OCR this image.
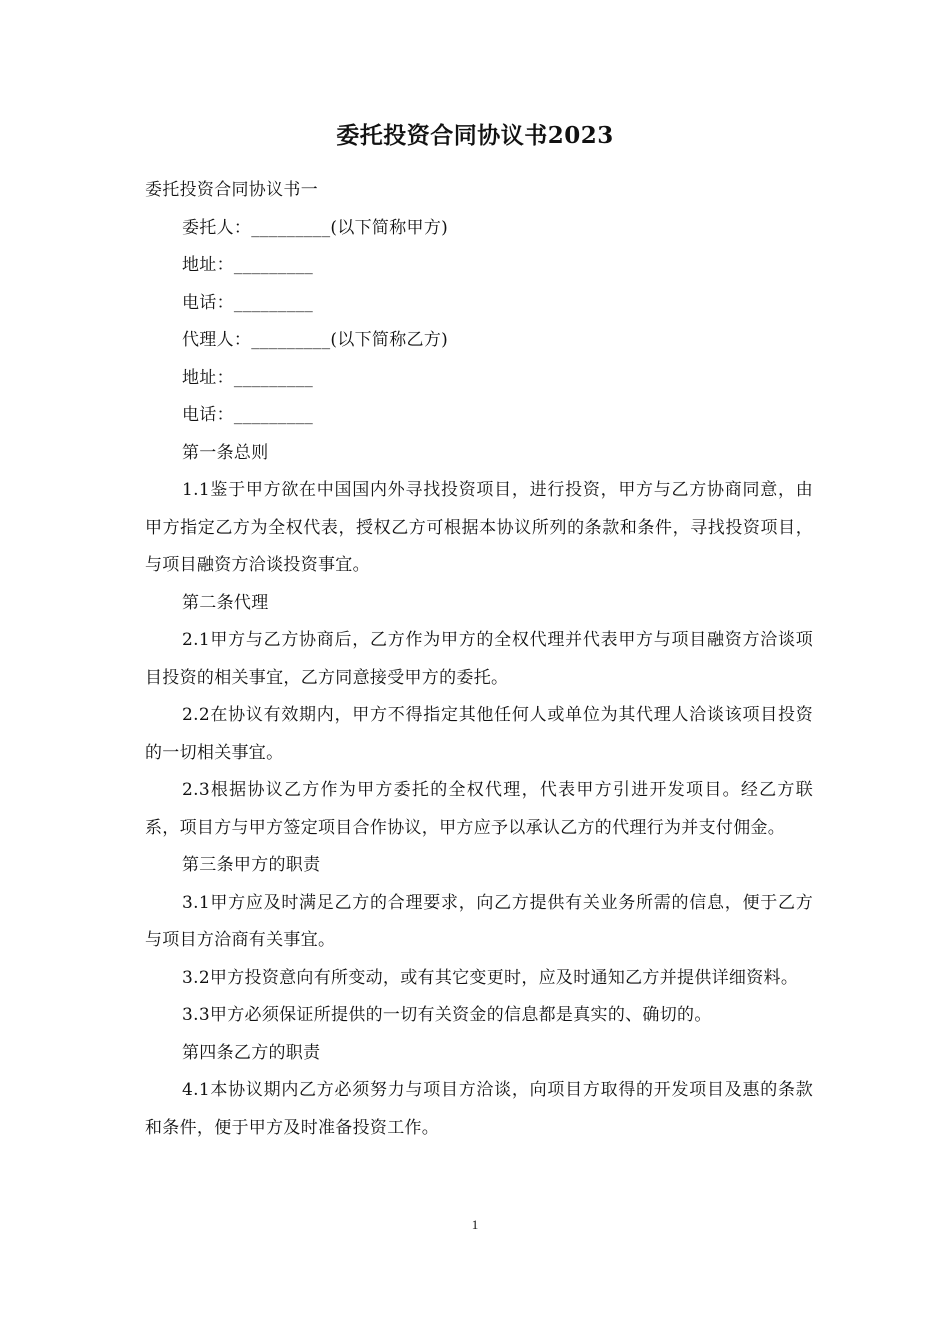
委托投资合同协议书2023

委托投资合同协议书一

委托人：_________(以下简称甲方)

地址：_________

电话：_________

代理人：_________(以下简称乙方)

地址：_________

电话：_________

第一条总则

1.1鉴于甲方欲在中国国内外寻找投资项目，进行投资，甲方与乙方协商同意，由甲方指定乙方为全权代表，授权乙方可根据本协议所列的条款和条件，寻找投资项目，与项目融资方洽谈投资事宜。

第二条代理

2.1甲方与乙方协商后，乙方作为甲方的全权代理并代表甲方与项目融资方洽谈项目投资的相关事宜，乙方同意接受甲方的委托。

2.2在协议有效期内，甲方不得指定其他任何人或单位为其代理人洽谈该项目投资的一切相关事宜。

2.3根据协议乙方作为甲方委托的全权代理，代表甲方引进开发项目。经乙方联系，项目方与甲方签定项目合作协议，甲方应予以承认乙方的代理行为并支付佣金。

第三条甲方的职责

3.1甲方应及时满足乙方的合理要求，向乙方提供有关业务所需的信息，便于乙方与项目方洽商有关事宜。

3.2甲方投资意向有所变动，或有其它变更时，应及时通知乙方并提供详细资料。

3.3甲方必须保证所提供的一切有关资金的信息都是真实的、确切的。

第四条乙方的职责

4.1本协议期内乙方必须努力与项目方洽谈，向项目方取得的开发项目及惠的条款和条件，便于甲方及时准备投资工作。

1
